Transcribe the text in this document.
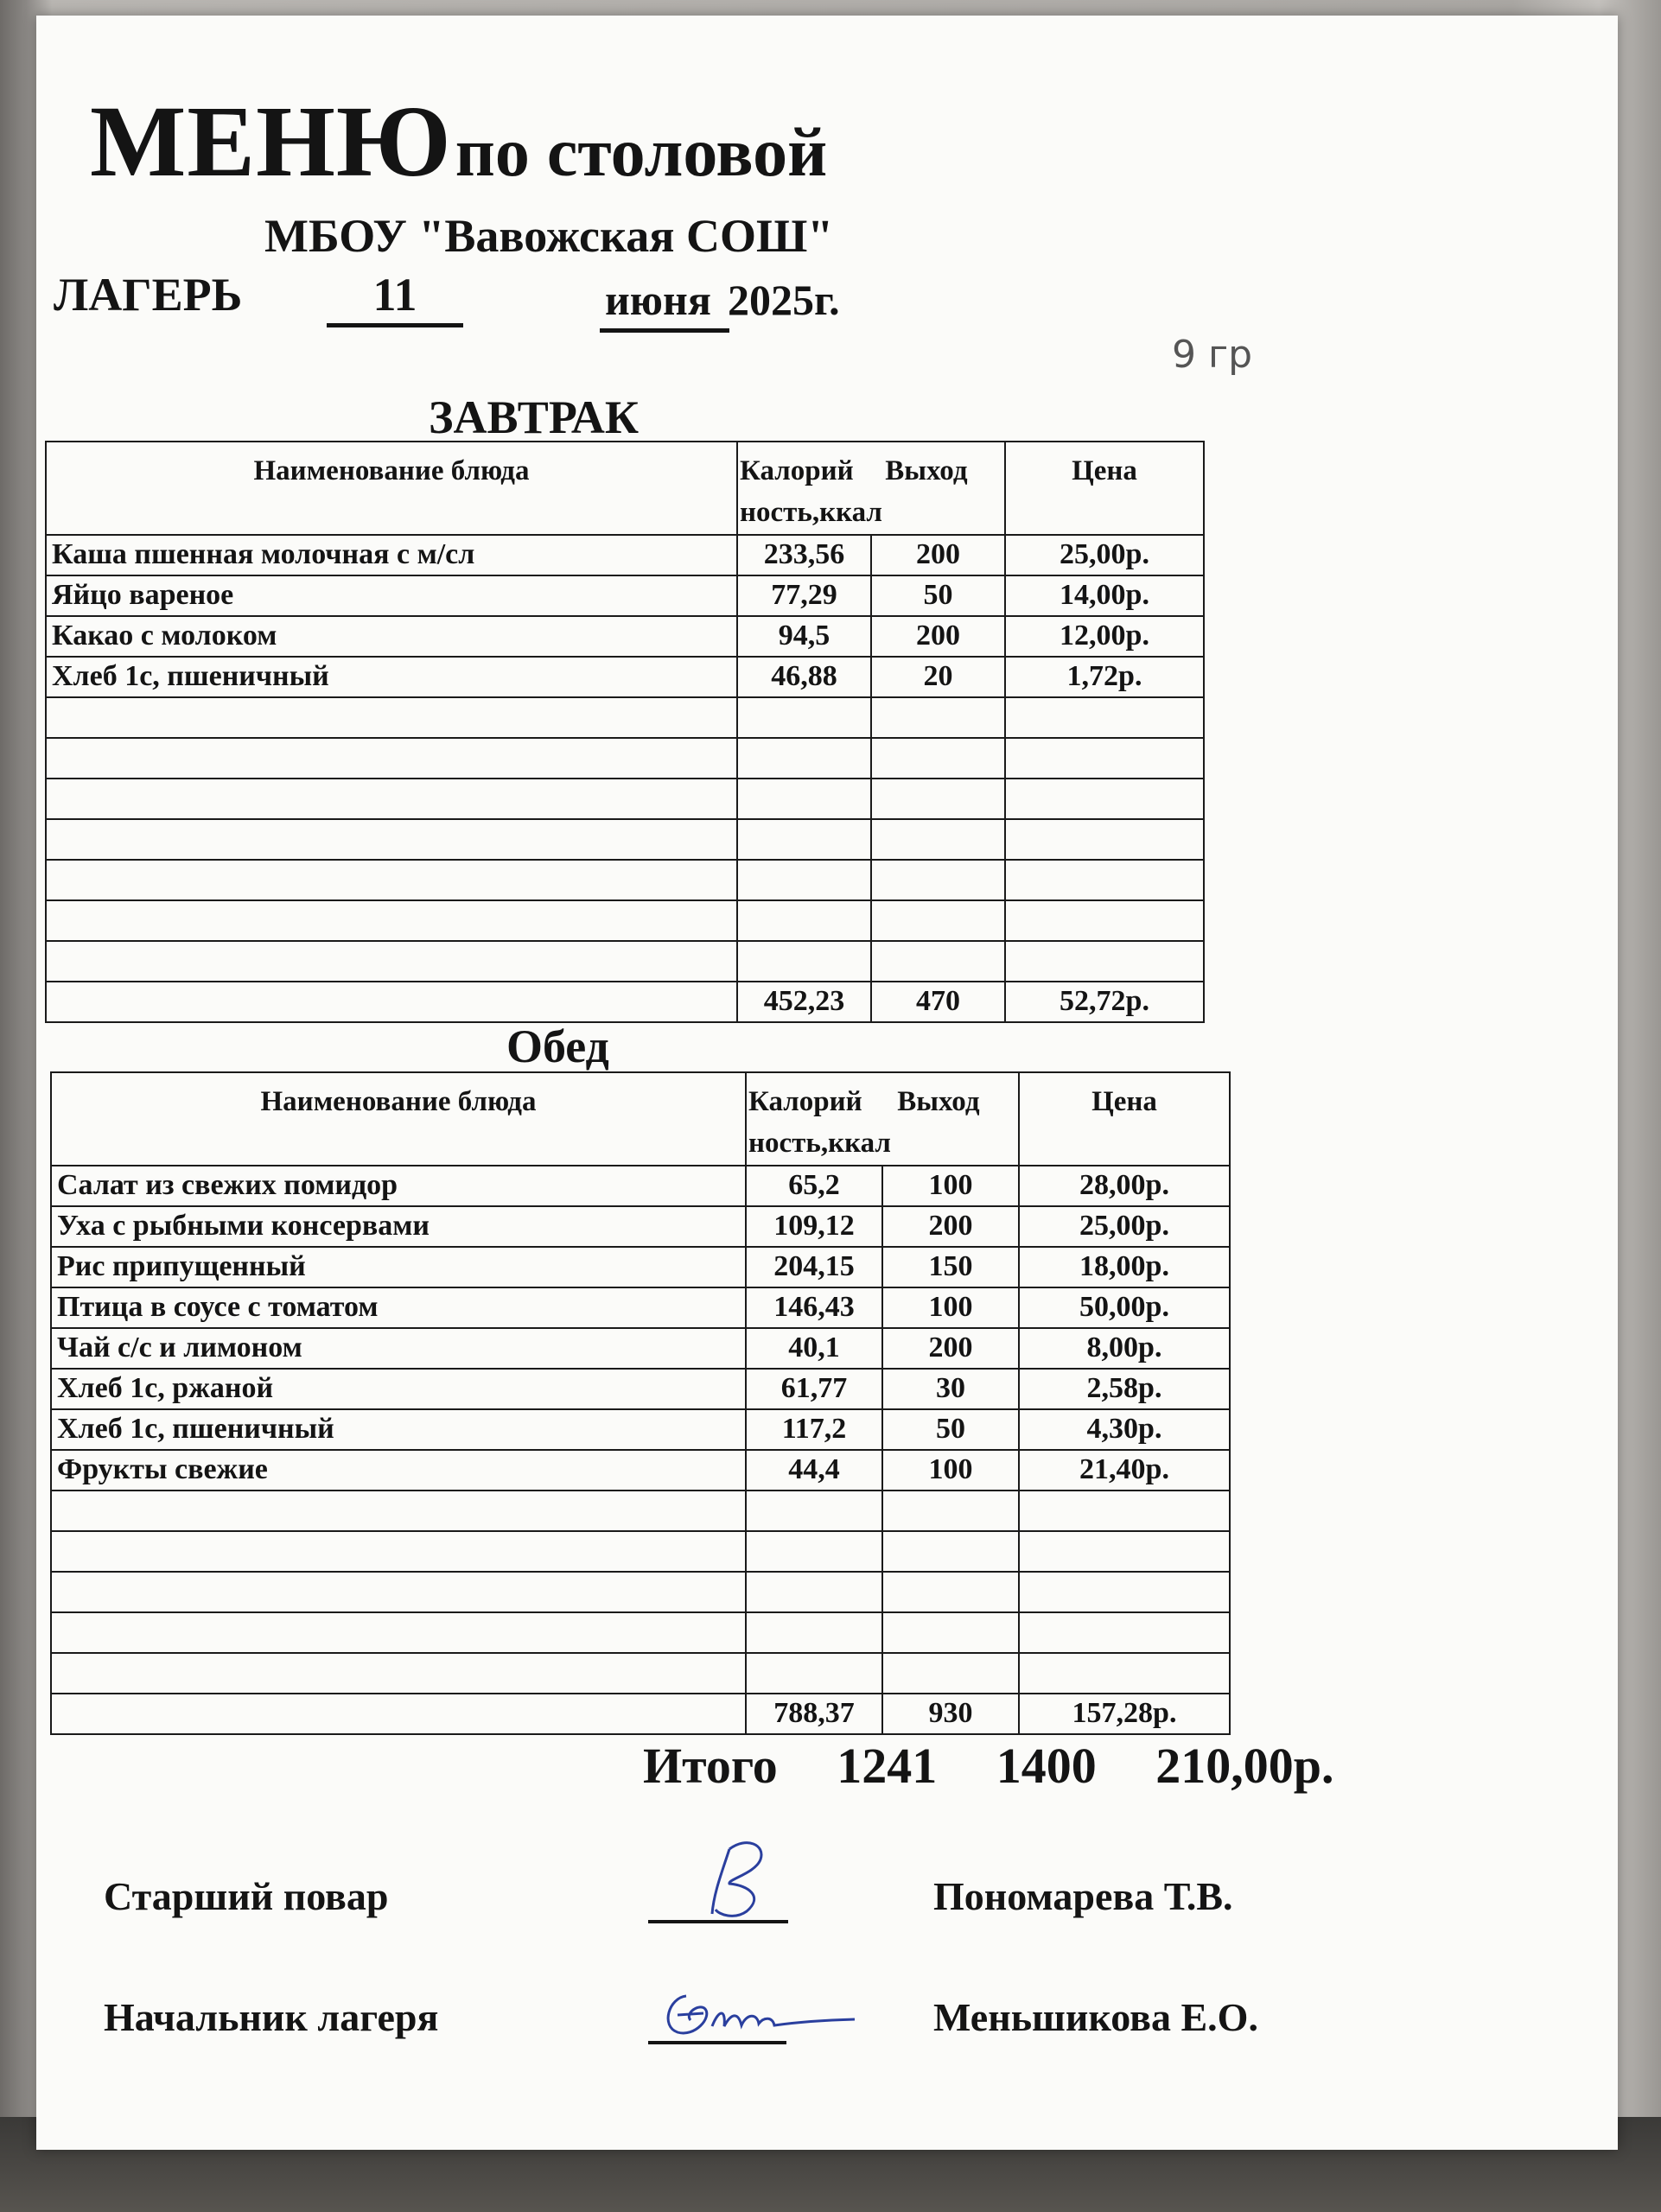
МЕНЮ по столовой
МБОУ "Вавожская СОШ"
ЛАГЕРЬ	11	июня 2025г.
9 гр
ЗАВТРАК
Наименование блюда	Калорий ность,ккал Выход		Цена
Каша пшенная молочная с м/сл	233,56	200	25,00р.
Яйцо вареное	77,29	50	14,00р.
Какао с молоком	94,5	200	12,00р.
Хлеб 1с, пшеничный	46,88	20	1,72р.

	452,23	470	52,72р.
Обед
Наименование блюда	Калорий ность,ккал Выход		Цена
Салат из свежих помидор	65,2	100	28,00р.
Уха с рыбными консервами	109,12	200	25,00р.
Рис припущенный	204,15	150	18,00р.
Птица в соусе с томатом	146,43	100	50,00р.
Чай с/с и лимоном	40,1	200	8,00р.
Хлеб 1с, ржаной	61,77	30	2,58р.
Хлеб 1с, пшеничный	117,2	50	4,30р.
Фрукты свежие	44,4	100	21,40р.

	788,37	930	157,28р.
Итого 1241 1400 210,00р.
Старший повар
Начальник лагеря
Пономарева Т.В.
Меньшикова Е.О.
